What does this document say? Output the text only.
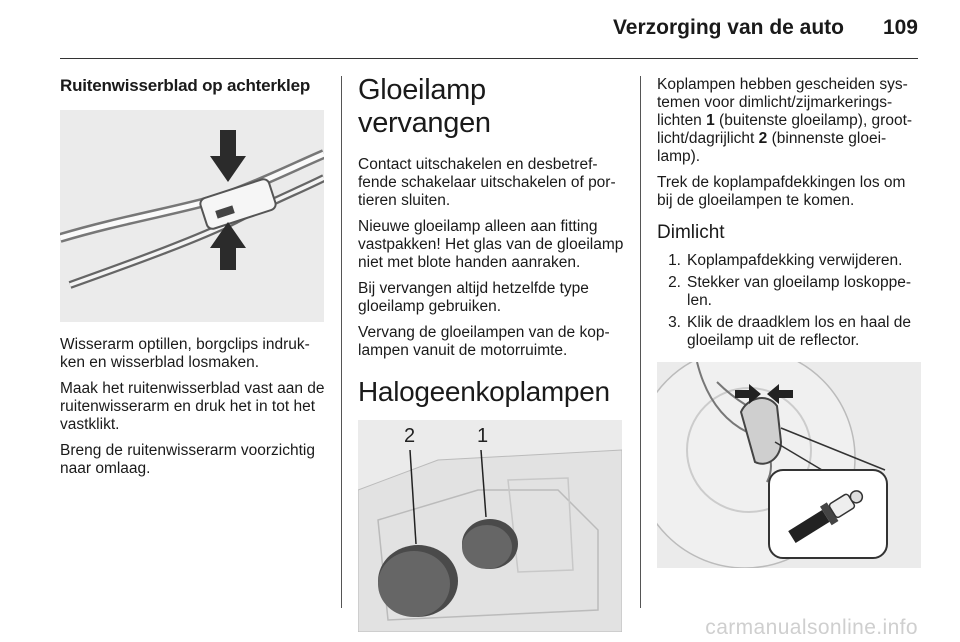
Verzorging van de auto 109
Ruitenwisserblad op achterklep

Wisserarm optillen, borgclips indrukken en wisserblad losmaken.

Maak het ruitenwisserblad vast aan de ruitenwisserarm en druk het in tot het vastklikt.

Breng de ruitenwisserarm voorzichtig naar omlaag.

Gloeilamp vervangen

Contact uitschakelen en desbetreffende schakelaar uitschakelen of portieren sluiten.

Nieuwe gloeilamp alleen aan fitting vastpakken! Het glas van de gloeilamp niet met blote handen aanraken.

Bij vervangen altijd hetzelfde type gloeilamp gebruiken.

Vervang de gloeilampen van de koplampen vanuit de motorruimte.

Halogeenkoplampen
2	1

Koplampen hebben gescheiden systemen voor dimlicht/zijmarkeringslichten 1 (buitenste gloeilamp), grootlicht/dagrijlicht 2 (binnenste gloeilamp).

Trek de koplampafdekkingen los om bij de gloeilampen te komen.

Dimlicht
1. Koplampafdekking verwijderen.
2. Stekker van gloeilamp loskoppelen.
3. Klik de draadklem los en haal de gloeilamp uit de reflector.
carmanualsonline.info
